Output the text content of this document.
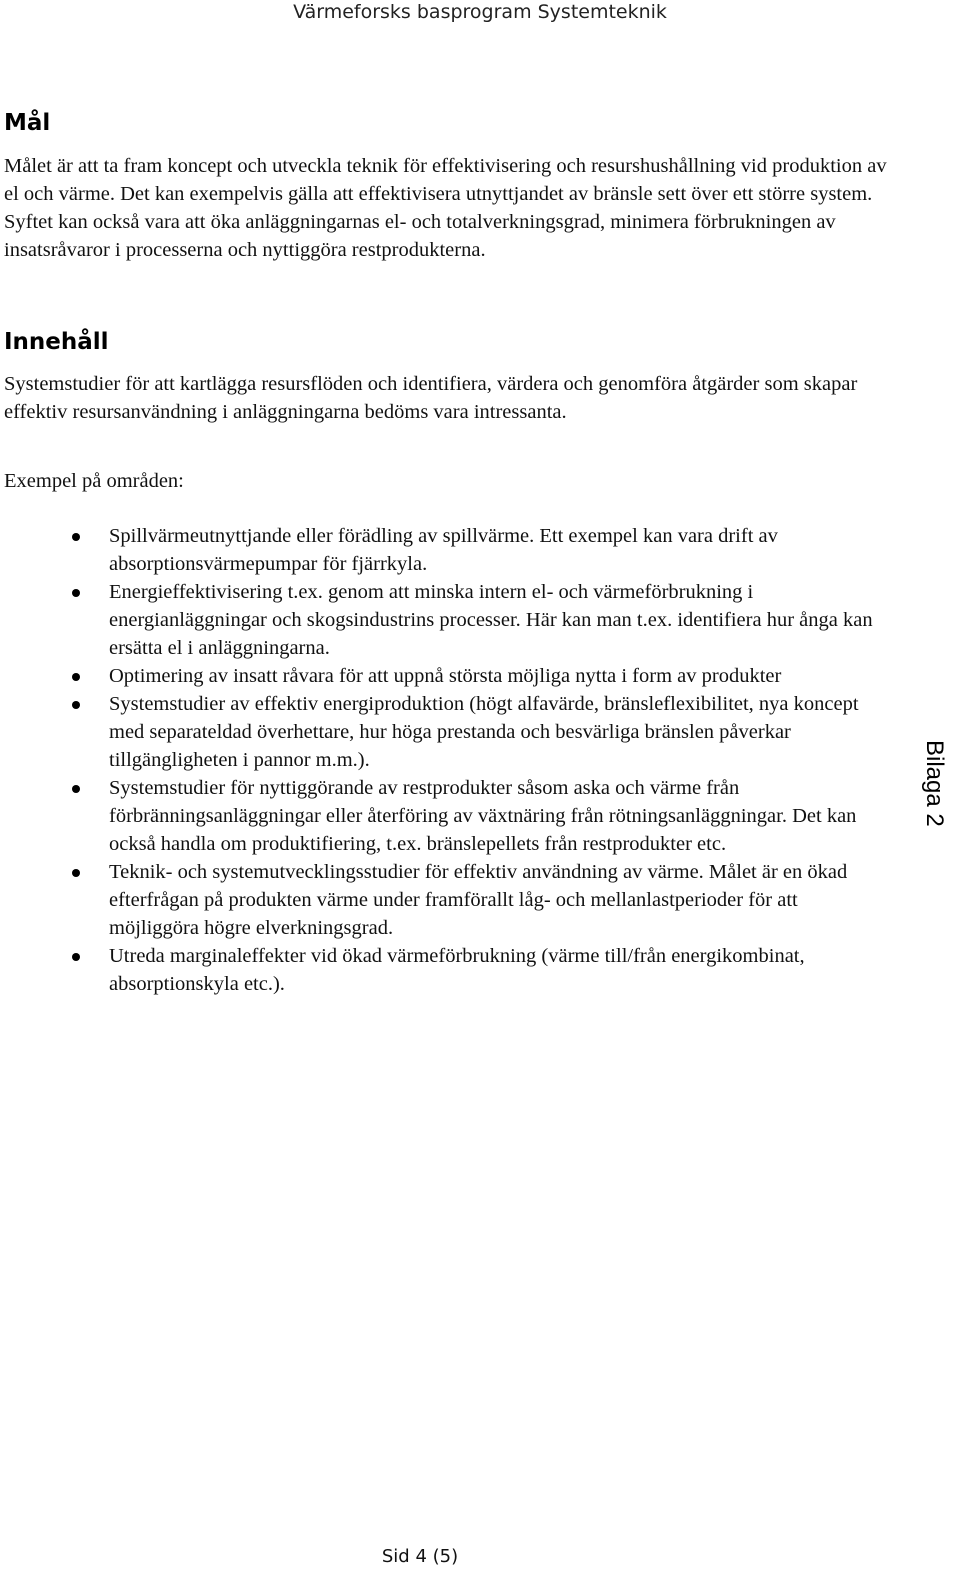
Värmeforsks basprogram Systemteknik
Mål

Målet är att ta fram koncept och utveckla teknik för effektivisering och resurshushållning vid produktion av el och värme. Det kan exempelvis gälla att effektivisera utnyttjandet av bränsle sett över ett större system. Syftet kan också vara att öka anläggningarnas el- och totalverkningsgrad, minimera förbrukningen av insatsråvaror i processerna och nyttiggöra restprodukterna.

Innehåll

Systemstudier för att kartlägga resursflöden och identifiera, värdera och genomföra åtgärder som skapar effektiv resursanvändning i anläggningarna bedöms vara intressanta.

Exempel på områden:

Spillvärmeutnyttjande eller förädling av spillvärme. Ett exempel kan vara drift av absorptionsvärmepumpar för fjärrkyla.
Energieffektivisering t.ex. genom att minska intern el- och värmeförbrukning i energianläggningar och skogsindustrins processer. Här kan man t.ex. identifiera hur ånga kan ersätta el i anläggningarna.
Optimering av insatt råvara för att uppnå största möjliga nytta i form av produkter
Systemstudier av effektiv energiproduktion (högt alfavärde, bränsleflexibilitet, nya koncept med separateldad överhettare, hur höga prestanda och besvärliga bränslen påverkar tillgängligheten i pannor m.m.).
Systemstudier för nyttiggörande av restprodukter såsom aska och värme från förbränningsanläggningar eller återföring av växtnäring från rötningsanläggningar. Det kan också handla om produktifiering, t.ex. bränslepellets från restprodukter etc.
Teknik- och systemutvecklingsstudier för effektiv användning av värme. Målet är en ökad efterfrågan på produkten värme under framförallt låg- och mellanlastperioder för att möjliggöra högre elverkningsgrad.
Utreda marginaleffekter vid ökad värmeförbrukning (värme till/från energikombinat, absorptionskyla etc.).
Bilaga 2
Sid 4 (5)
